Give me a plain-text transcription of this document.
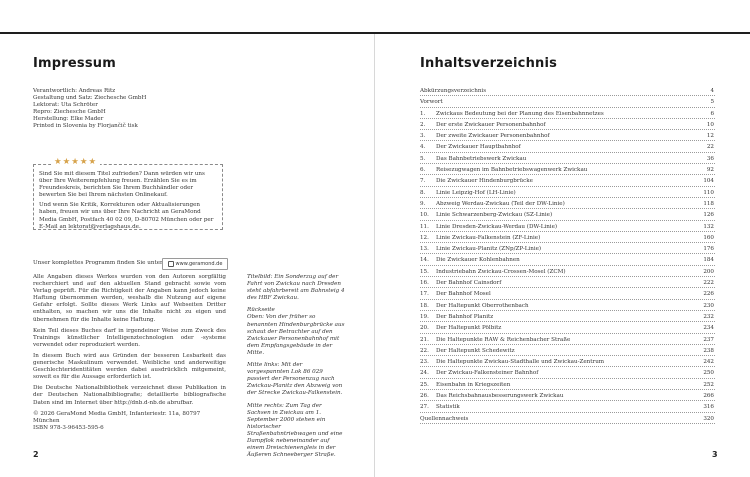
Impressum
Verantwortlich: Andreas Ritz
Gestaltung und Satz: Ziechesche GmbH
Lektorat: Uta Schröter
Repro: Ziechesche GmbH
Herstellung: Elke Mader
Printed in Slovenia by Florjančič tisk
★★★★★

Sind Sie mit diesem Titel zufrieden? Dann würden wir uns über Ihre Weiterempfehlung freuen. Erzählen Sie es im Freundeskreis, berichten Sie Ihrem Buchhändler oder bewerten Sie bei Ihrem nächsten Onlinekauf.

Und wenn Sie Kritik, Korrekturen oder Aktualisierungen haben, freuen wir uns über Ihre Nachricht an GeraMond Media GmbH, Postfach 40 02 09, D-80702 München oder per E-Mail an lektorat@verlagshaus.de.

Unser komplettes Programm finden Sie unter	www.geramond.de

Alle Angaben dieses Werkes wurden von den Autoren sorgfältig recherchiert und auf den aktuellen Stand gebracht sowie vom Verlag geprüft. Für die Richtigkeit der Angaben kann jedoch keine Haftung übernommen werden, weshalb die Nutzung auf eigene Gefahr erfolgt. Sollte dieses Werk Links auf Webseiten Dritter enthalten, so machen wir uns die Inhalte nicht zu eigen und übernehmen für die Inhalte keine Haftung.

Kein Teil dieses Buches darf in irgendeiner Weise zum Zweck des Trainings künstlicher Intelligenztechnologien oder -systeme verwendet oder reproduziert werden.

In diesem Buch wird aus Gründen der besseren Lesbarkeit das generische Maskulinum verwendet. Weibliche und anderweitige Geschlechteridentitäten werden dabei ausdrücklich mitgemeint, soweit es für die Aussage erforderlich ist.

Die Deutsche Nationalbibliothek verzeichnet diese Publikation in der Deutschen Nationalbibliografie; detaillierte bibliografische Daten sind im Internet über http://dnb.d-nb.de abrufbar.

© 2026 GeraMond Media GmbH, Infanteriestr. 11a, 80797 München
ISBN 978-3-96453-595-6

Titelbild: Ein Sonderzug auf der Fahrt von Zwickau nach Dresden steht abfahrbereit am Bahnsteig 4 des HBF Zwickau.

Rückseite
Oben: Von der früher so benannten Hindenburgbrücke aus schaut der Betrachter auf den Zwickauer Personenbahnhof mit dem Empfangsgebäude in der Mitte.

Mitte links: Mit der vorgespannten Lok 86 029 passiert der Personenzug nach Zwickau-Planitz den Abzweig von der Strecke Zwickau-Falkenstein.

Mitte rechts: Zum Tag der Sachsen in Zwickau am 1. September 2000 stehen ein historischer Straßenbahntriebwagen und eine Dampflok nebeneinander auf einem Dreischienengleis in der Äußeren Schneeberger Straße.

2
Inhaltsverzeichnis
Abkürzungsverzeichnis	4
Vorwort	5
1.	Zwickaus Bedeutung bei der Planung des Eisenbahnnetzes	6
2.	Der erste Zwickauer Personenbahnhof	10
3.	Der zweite Zwickauer Personenbahnhof	12
4.	Der Zwickauer Hauptbahnhof	22
5.	Das Bahnbetriebswerk Zwickau	36
6.	Reisezugwagen im Bahnbetriebswagenwerk Zwickau	92
7.	Die Zwickauer Hindenburgbrücke	104
8.	Linie Leipzig-Hof (LH-Linie)	110
9.	Abzweig Werdau-Zwickau (Teil der DW-Linie)	118
10.	Linie Schwarzenberg-Zwickau (SZ-Linie)	126
11.	Linie Dresden-Zwickau-Werdau (DW-Linie)	132
12.	Linie Zwickau-Falkenstein (ZF-Linie)	160
13.	Linie Zwickau-Planitz (ZNp/ZP-Linie)	176
14.	Die Zwickauer Kohlenbahnen	184
15.	Industriebahn Zwickau-Crossen-Mosel (ZCM)	200
16.	Der Bahnhof Cainsdorf	222
17.	Der Bahnhof Mosel	226
18.	Der Haltepunkt Oberrothenbach	230
19.	Der Bahnhof Planitz	232
20.	Der Haltepunkt Pölbitz	234
21.	Die Haltepunkte RAW & Reichenbacher Straße	237
22.	Der Haltepunkt Schedewitz	238
23.	Die Haltepunkte Zwickau-Stadthalle und Zwickau-Zentrum	242
24.	Der Zwickau-Falkensteiner Bahnhof	250
25.	Eisenbahn in Kriegszeiten	252
26.	Das Reichsbahnausbesserungswerk Zwickau	266
27.	Statistik	316
Quellennachweis	320
3
